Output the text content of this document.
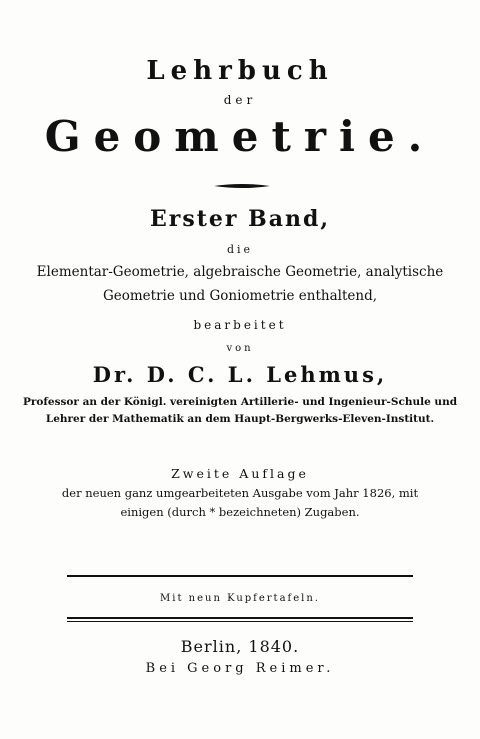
Lehrbuch
der
Geometrie.
Erster Band,
die
Elementar-Geometrie, algebraische Geometrie, analytische
Geometrie und Goniometrie enthaltend,
bearbeitet
von
Dr. D. C. L. Lehmus,
Professor an der Königl. vereinigten Artillerie- und Ingenieur-Schule und
Lehrer der Mathematik an dem Haupt-Bergwerks-Eleven-Institut.
Zweite Auflage
der neuen ganz umgearbeiteten Ausgabe vom Jahr 1826, mit
einigen (durch * bezeichneten) Zugaben.
Mit neun Kupfertafeln.
Berlin, 1840.
Bei Georg Reimer.
